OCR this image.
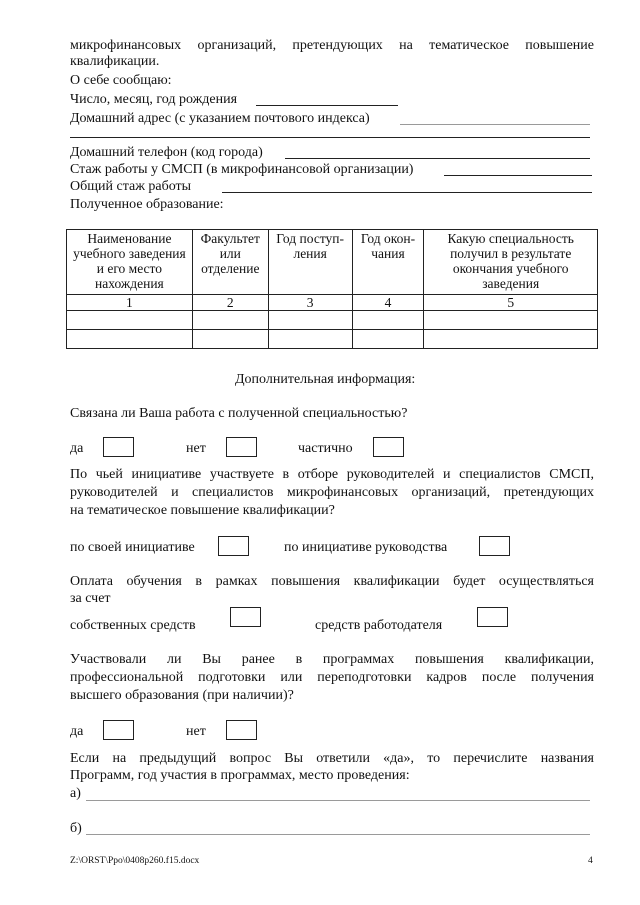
микрофинансовых организаций, претендующих на тематическое повышение
квалификации.
О себе сообщаю:
Число, месяц, год рождения
Домашний адрес (с указанием почтового индекса)
Домашний телефон (код города)
Стаж работы у СМСП (в микрофинансовой организации)
Общий стаж работы
Полученное образование:
Наименование учебного заведения и его место нахождения	Факультет или отделение	Год поступ-ления	Год окон-чания	Какую специальность получил в результате окончания учебного заведения
1	2	3	4	5

Дополнительная информация:
Связана ли Ваша работа с полученной специальностью?
да	нет	частично
По чьей инициативе участвуете в отборе руководителей и специалистов СМСП,
руководителей и специалистов микрофинансовых организаций, претендующих
на тематическое повышение квалификации?
по своей инициативе	по инициативе руководства
Оплата обучения в рамках повышения квалификации будет осуществляться
за счет
собственных средств	средств работодателя
Участвовали ли Вы ранее в программах повышения квалификации,
профессиональной подготовки или переподготовки кадров после получения
высшего образования (при наличии)?
да	нет
Если на предыдущий вопрос Вы ответили «да», то перечислите названия
Программ, год участия в программах, место проведения:
а)
б)
Z:\ORST\Ppo\0408p260.f15.docx	4
